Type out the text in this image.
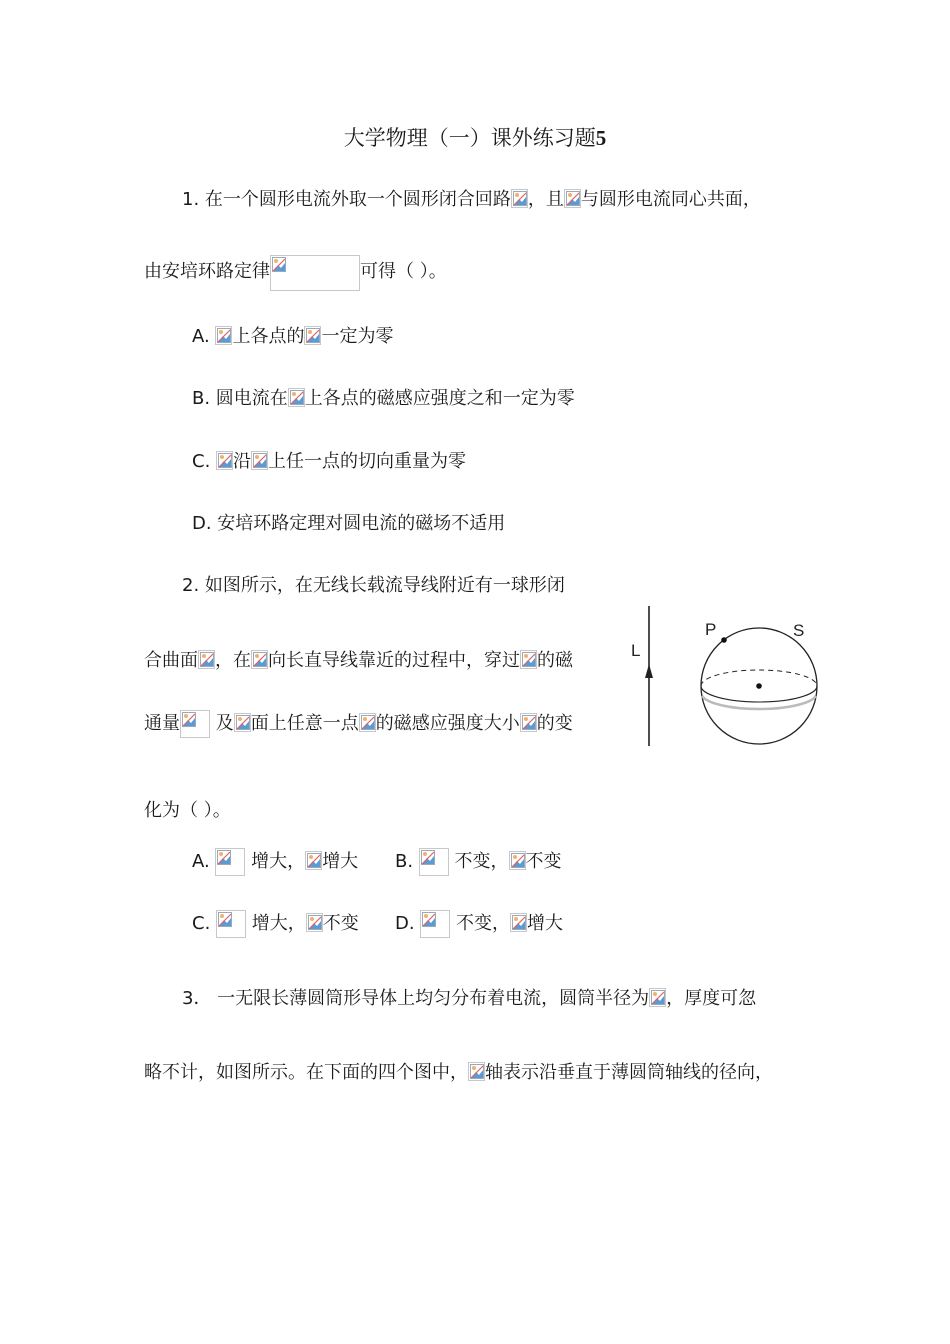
大学物理（一）课外练习题5
1. 在一个圆形电流外取一个圆形闭合回路 ，且 与圆形电流同心共面，
由安培环路定律	可得（ ）。
A.
上各点的 一定为零
B. 圆电流在 上各点的磁感应强度之和一定为零
C.
沿 上任一点的切向重量为零
D. 安培环路定理对圆电流的磁场不适用
2. 如图所示，在无线长载流导线附近有一球形闭
合曲面 ，在 向长直导线靠近的过程中，穿过 的磁
通量
及 面上任意一点 的磁感应强度大小 的变
化为（ ）。
A.
增大， 增大 B.
不变， 不变
C.
增大， 不变 D.
不变， 增大
L
P	S
3． 一无限长薄圆筒形导体上均匀分布着电流，圆筒半径为 ，厚度可忽
略不计，如图所示。在下面的四个图中， 轴表示沿垂直于薄圆筒轴线的径向，
